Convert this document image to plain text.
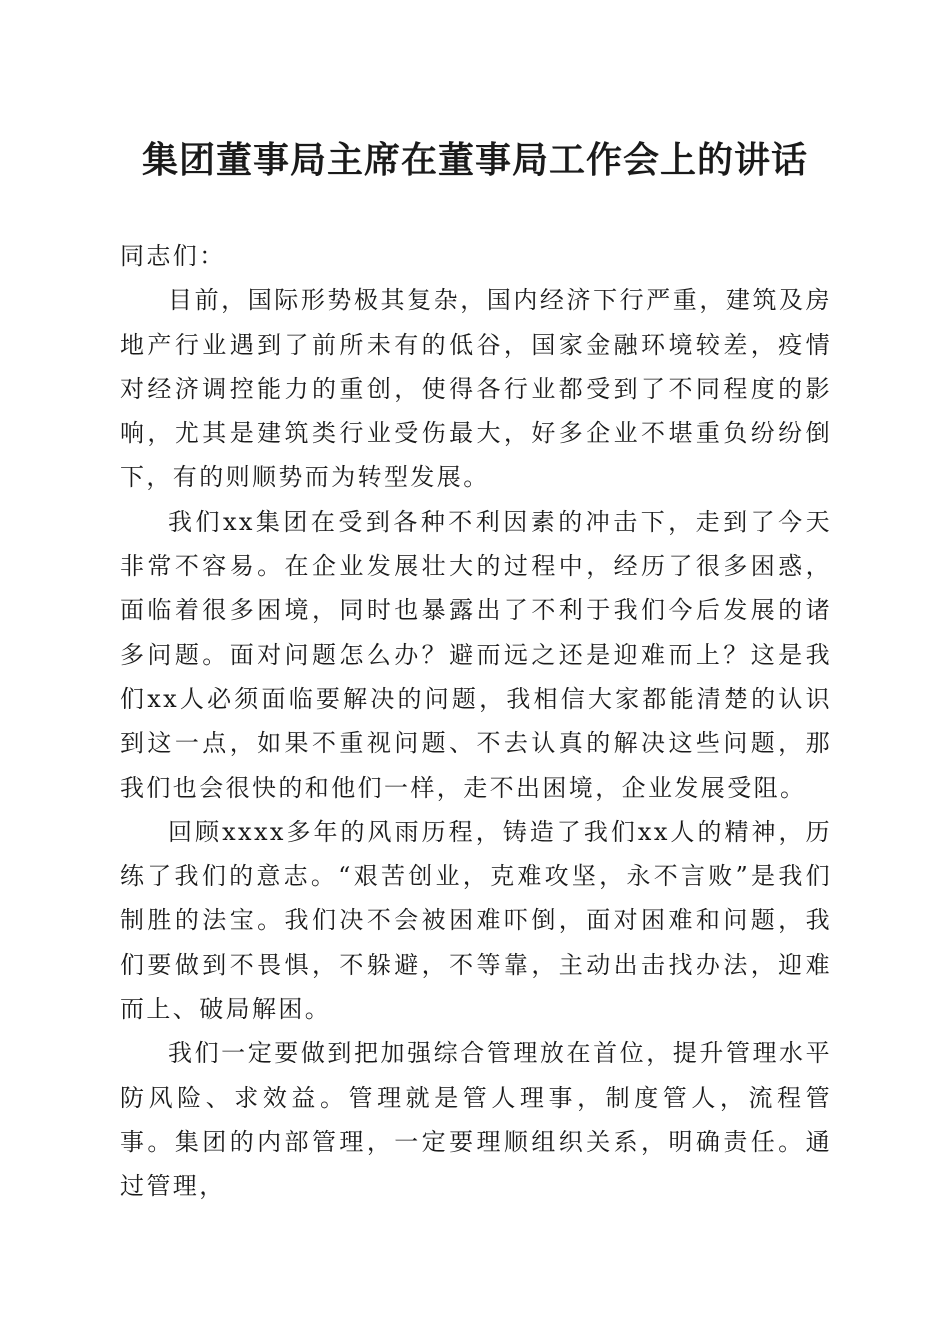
集团董事局主席在董事局工作会上的讲话

同志们：

目前，国际形势极其复杂，国内经济下行严重，建筑及房地产行业遇到了前所未有的低谷，国家金融环境较差，疫情对经济调控能力的重创，使得各行业都受到了不同程度的影响，尤其是建筑类行业受伤最大，好多企业不堪重负纷纷倒下，有的则顺势而为转型发展。

我们xx集团在受到各种不利因素的冲击下，走到了今天非常不容易。在企业发展壮大的过程中，经历了很多困惑，面临着很多困境，同时也暴露出了不利于我们今后发展的诸多问题。面对问题怎么办？避而远之还是迎难而上？这是我们xx人必须面临要解决的问题，我相信大家都能清楚的认识到这一点，如果不重视问题、不去认真的解决这些问题，那我们也会很快的和他们一样，走不出困境，企业发展受阻。

回顾xxxx多年的风雨历程，铸造了我们xx人的精神，历练了我们的意志。“艰苦创业，克难攻坚，永不言败”是我们制胜的法宝。我们决不会被困难吓倒，面对困难和问题，我们要做到不畏惧，不躲避，不等靠，主动出击找办法，迎难而上、破局解困。

我们一定要做到把加强综合管理放在首位，提升管理水平防风险、求效益。管理就是管人理事，制度管人，流程管事。集团的内部管理，一定要理顺组织关系，明确责任。通过管理，
